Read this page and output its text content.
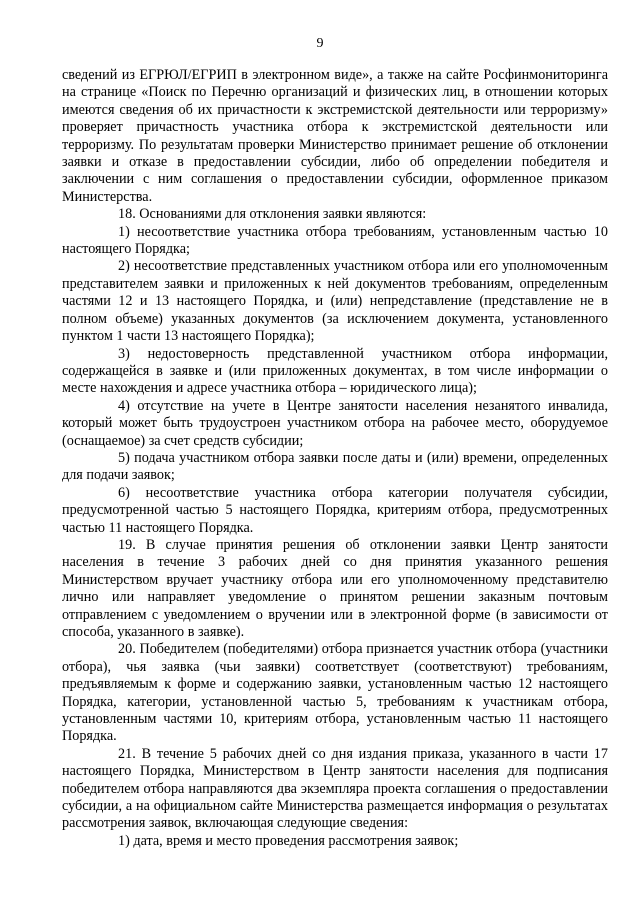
9

сведений из ЕГРЮЛ/ЕГРИП в электронном виде», а также на сайте Росфинмониторинга на странице «Поиск по Перечню организаций и физических лиц, в отношении которых имеются сведения об их причастности к экстремистской деятельности или терроризму» проверяет причастность участника отбора к экстремистской деятельности или терроризму. По результатам проверки Министерство принимает решение об отклонении заявки и отказе в предоставлении субсидии, либо об определении победителя и заключении с ним соглашения о предоставлении субсидии, оформленное приказом Министерства.

18. Основаниями для отклонения заявки являются:

1) несоответствие участника отбора требованиям, установленным частью 10 настоящего Порядка;

2) несоответствие представленных участником отбора или его уполномоченным представителем заявки и приложенных к ней документов требованиям, определенным частями 12 и 13 настоящего Порядка, и (или) непредставление (представление не в полном объеме) указанных документов (за исключением документа, установленного пунктом 1 части 13 настоящего Порядка);

3) недостоверность представленной участником отбора информации, содержащейся в заявке и (или приложенных документах, в том числе информации о месте нахождения и адресе участника отбора – юридического лица);

4) отсутствие на учете в Центре занятости населения незанятого инвалида, который может быть трудоустроен участником отбора на рабочее место, оборудуемое (оснащаемое) за счет средств субсидии;

5) подача участником отбора заявки после даты и (или) времени, определенных для подачи заявок;

6) несоответствие участника отбора категории получателя субсидии, предусмотренной частью 5 настоящего Порядка, критериям отбора, предусмотренных частью 11 настоящего Порядка.

19. В случае принятия решения об отклонении заявки Центр занятости населения в течение 3 рабочих дней со дня принятия указанного решения Министерством вручает участнику отбора или его уполномоченному представителю лично или направляет уведомление о принятом решении заказным почтовым отправлением с уведомлением о вручении или в электронной форме (в зависимости от способа, указанного в заявке).

20. Победителем (победителями) отбора признается участник отбора (участники отбора), чья заявка (чьи заявки) соответствует (соответствуют) требованиям, предъявляемым к форме и содержанию заявки, установленным частью 12 настоящего Порядка, категории, установленной частью 5, требованиям к участникам отбора, установленным частями 10, критериям отбора, установленным частью 11 настоящего Порядка.

21. В течение 5 рабочих дней со дня издания приказа, указанного в части 17 настоящего Порядка, Министерством в Центр занятости населения для подписания победителем отбора направляются два экземпляра проекта соглашения о предоставлении субсидии, а на официальном сайте Министерства размещается информация о результатах рассмотрения заявок, включающая следующие сведения:

1) дата, время и место проведения рассмотрения заявок;
